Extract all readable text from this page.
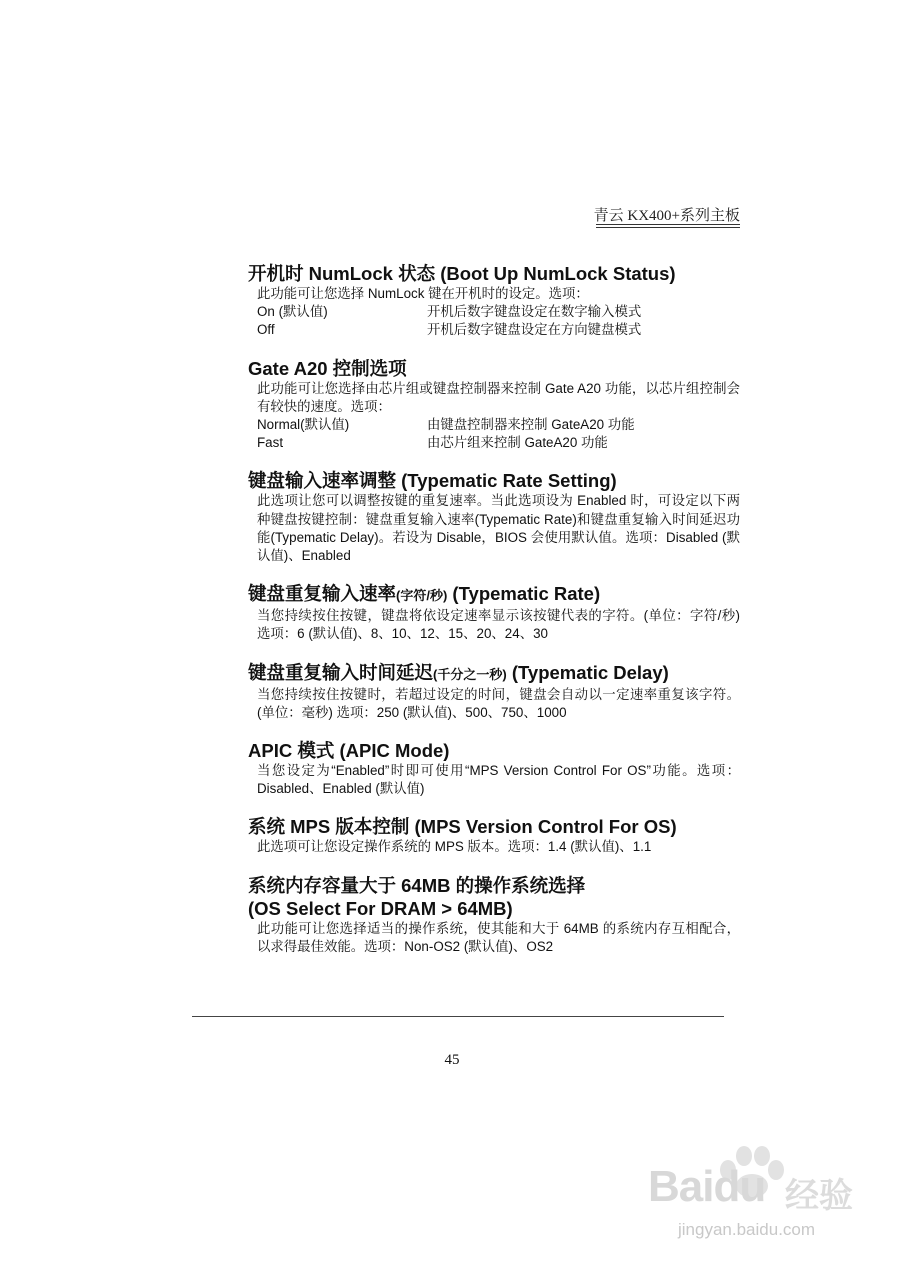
青云 KX400+系列主板
开机时 NumLock 状态 (Boot Up NumLock Status)

此功能可让您选择 NumLock 键在开机时的设定。选项：

On (默认值)	开机后数字键盘设定在数字输入模式
Off	开机后数字键盘设定在方向键盘模式
Gate A20 控制选项

此功能可让您选择由芯片组或键盘控制器来控制 Gate A20 功能，以芯片组控制会有较快的速度。选项：

Normal(默认值)	由键盘控制器来控制 GateA20 功能
Fast	由芯片组来控制 GateA20 功能
键盘输入速率调整 (Typematic Rate Setting)

此选项让您可以调整按键的重复速率。当此选项设为 Enabled 时，可设定以下两种键盘按键控制：键盘重复输入速率(Typematic Rate)和键盘重复输入时间延迟功能(Typematic Delay)。若设为 Disable，BIOS 会使用默认值。选项：Disabled (默认值)、Enabled

键盘重复输入速率(字符/秒) (Typematic Rate)

当您持续按住按键，键盘将依设定速率显示该按键代表的字符。(单位：字符/秒) 选项：6 (默认值)、8、10、12、15、20、24、30

键盘重复输入时间延迟(千分之一秒) (Typematic Delay)

当您持续按住按键时，若超过设定的时间，键盘会自动以一定速率重复该字符。(单位：毫秒) 选项：250 (默认值)、500、750、1000

APIC 模式 (APIC Mode)

当您设定为“Enabled”时即可使用“MPS Version Control For OS”功能。选项：Disabled、Enabled (默认值)

系统 MPS 版本控制 (MPS Version Control For OS)

此选项可让您设定操作系统的 MPS 版本。选项：1.4 (默认值)、1.1

系统内存容量大于 64MB 的操作系统选择
(OS Select For DRAM > 64MB)

此功能可让您选择适当的操作系统，使其能和大于 64MB 的系统内存互相配合，以求得最佳效能。选项：Non-OS2 (默认值)、OS2

45
Baidu 经验
jingyan.baidu.com
